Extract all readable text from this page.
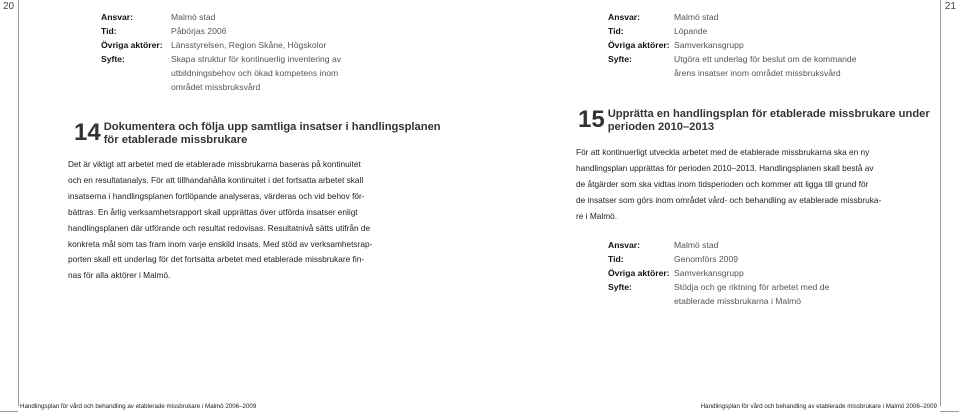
20	21
Ansvar:	Malmö stad
Tid:	Påbörjas 2006
Övriga aktörer: Länsstyrelsen, Region Skåne, Högskolor
Syfte:	Skapa struktur för kontinuerlig inventering av
utbildningsbehov och ökad kompetens inom
området missbruksvård
14 Dokumentera och följa upp samtliga insatser i handlingsplanen
för etablerade missbrukare
Det är viktigt att arbetet med de etablerade missbrukarna baseras på kontinuitet
och en resultatanalys. För att tillhandahålla kontinuitet i det fortsatta arbetet skall
insatserna i handlingsplanen fortlöpande analyseras, värderas och vid behov för-
bättras. En årlig verksamhetsrapport skall upprättas över utförda insatser enligt
handlingsplanen där utförande och resultat redovisas. Resultatnivå sätts utifrån de
konkreta mål som tas fram inom varje enskild insats. Med stöd av verksamhetsrap-
porten skall ett underlag för det fortsatta arbetet med etablerade missbrukare fin-
nas för alla aktörer i Malmö.
Handlingsplan för vård och behandling av etablerade missbrukare i Malmö 2006–2009
Ansvar:	Malmö stad
Tid:	Löpande
Övriga aktörer: Samverkansgrupp
Syfte:	Utgöra ett underlag för beslut om de kommande
årens insatser inom området missbruksvård
15 Upprätta en handlingsplan för etablerade missbrukare under
perioden 2010–2013
För att kontinuerligt utveckla arbetet med de etablerade missbrukarna ska en ny
handlingsplan upprättas för perioden 2010–2013. Handlingsplanen skall bestå av
de åtgärder som ska vidtas inom tidsperioden och kommer att ligga till grund för
de insatser som görs inom området vård- och behandling av etablerade missbruka-
re i Malmö.
Ansvar:	Malmö stad
Tid:	Genomförs 2009
Övriga aktörer: Samverkansgrupp
Syfte:	Stödja och ge riktning för arbetet med de
etablerade missbrukarna i Malmö
Handlingsplan för vård och behandling av etablerade missbrukare i Malmö 2006–2009
